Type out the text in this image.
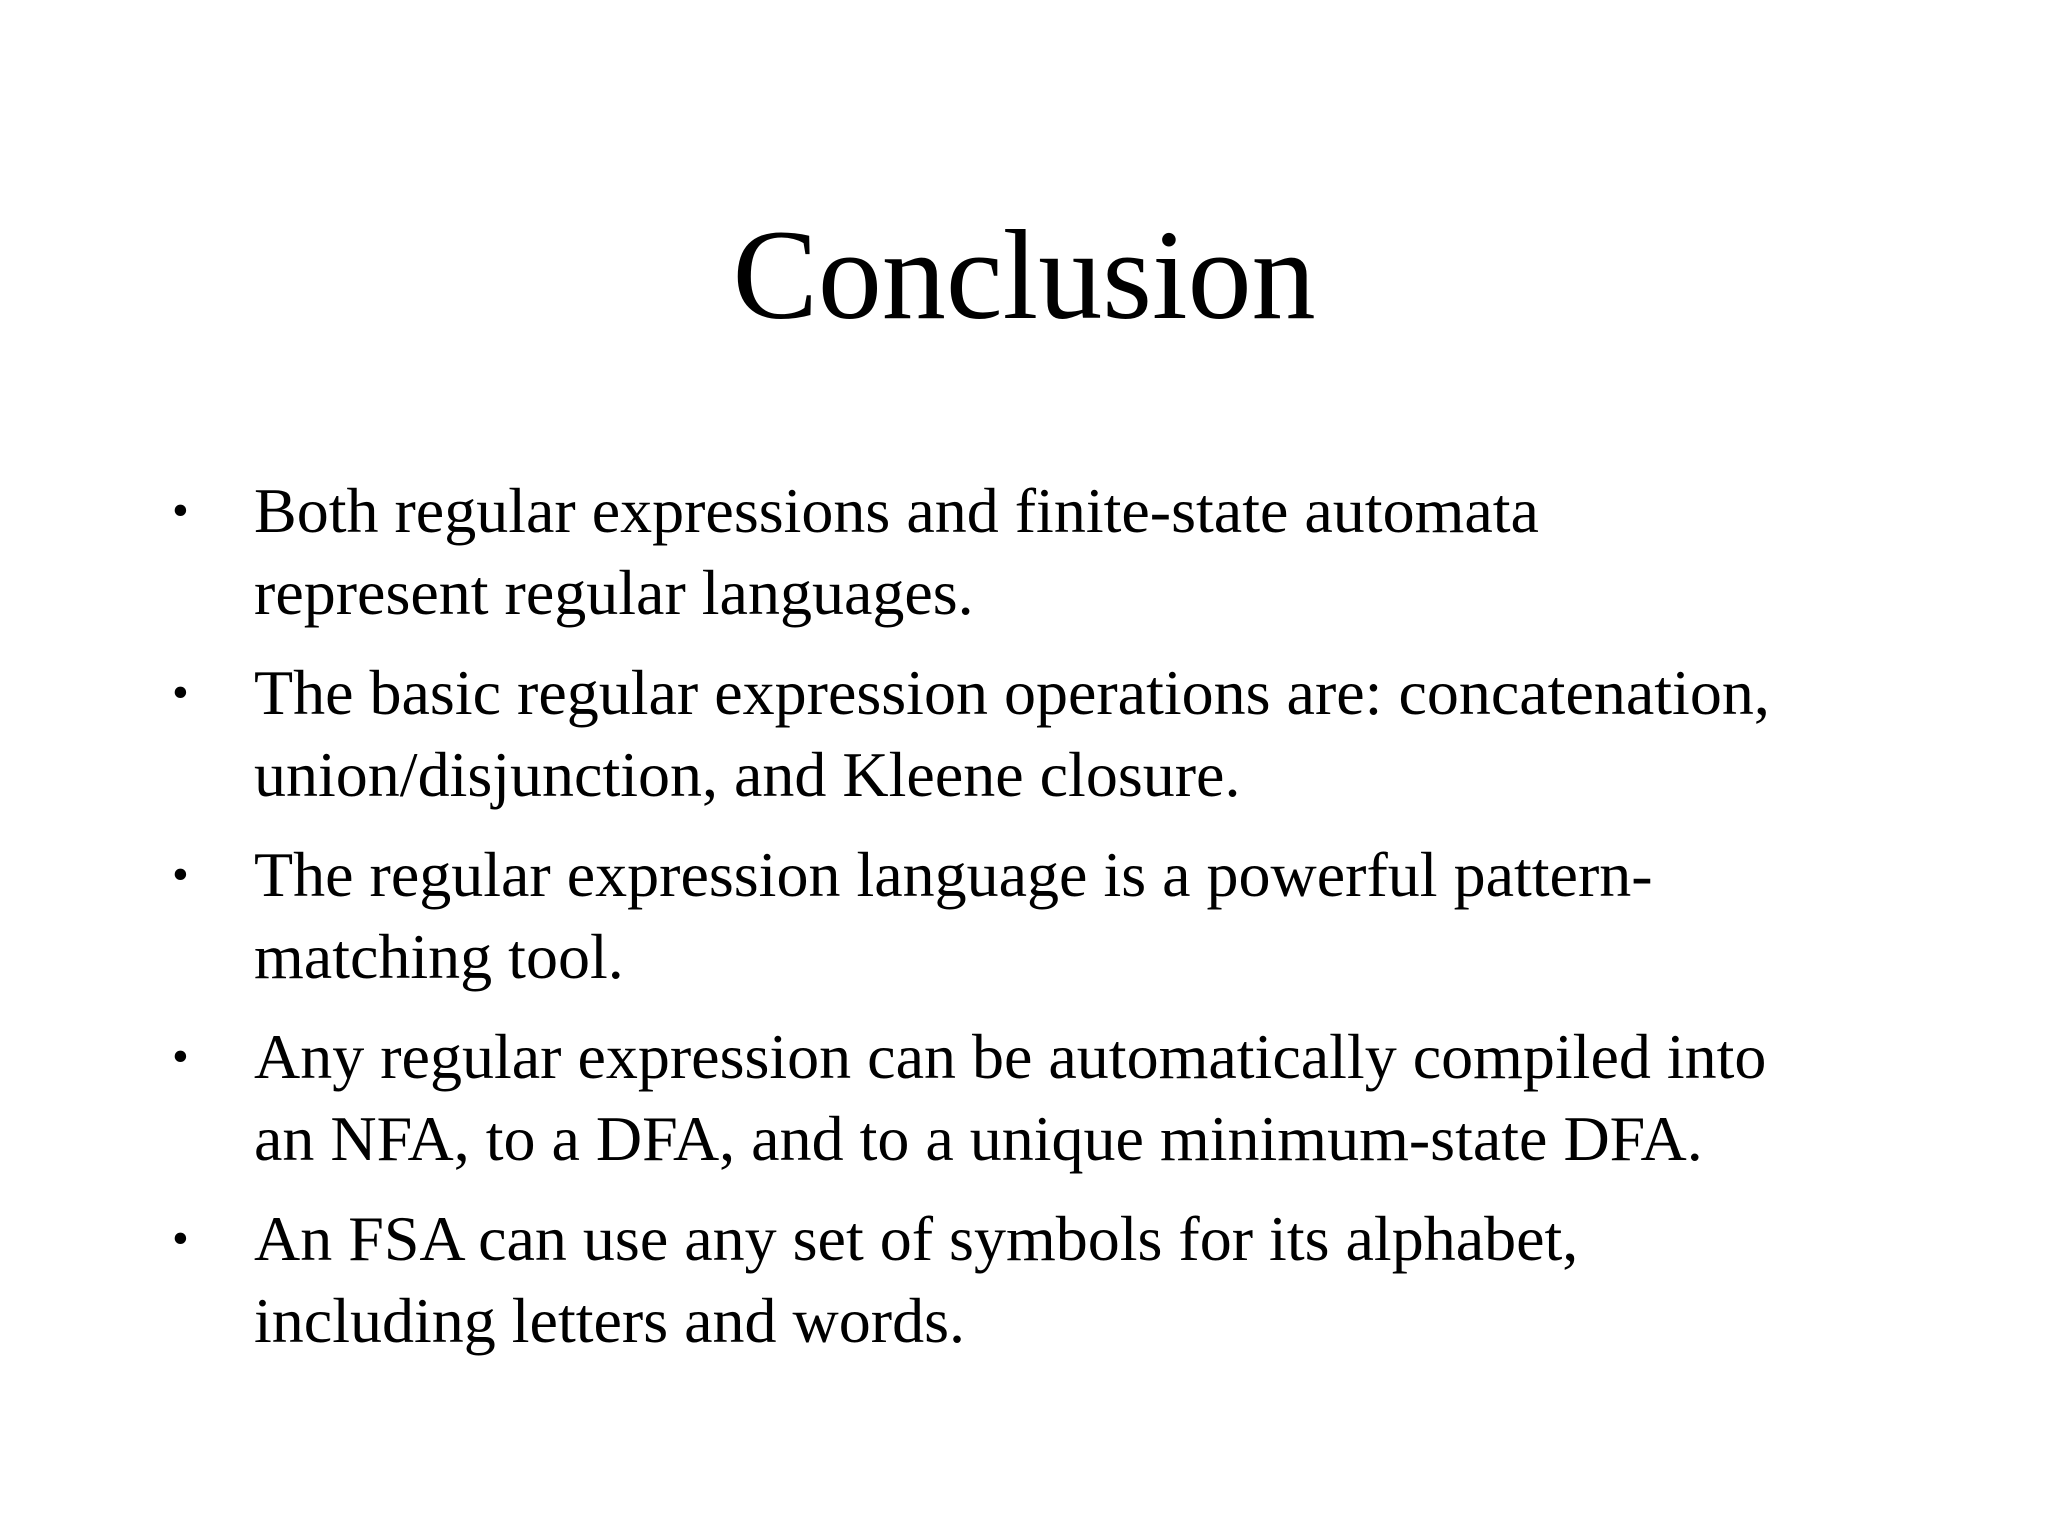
Conclusion
• Both regular expressions and finite-state automata
represent regular languages.
• The basic regular expression operations are: concatenation,
union/disjunction, and Kleene closure.
• The regular expression language is a powerful pattern-
matching tool.
• Any regular expression can be automatically compiled into
an NFA, to a DFA, and to a unique minimum-state DFA.
• An FSA can use any set of symbols for its alphabet,
including letters and words.
